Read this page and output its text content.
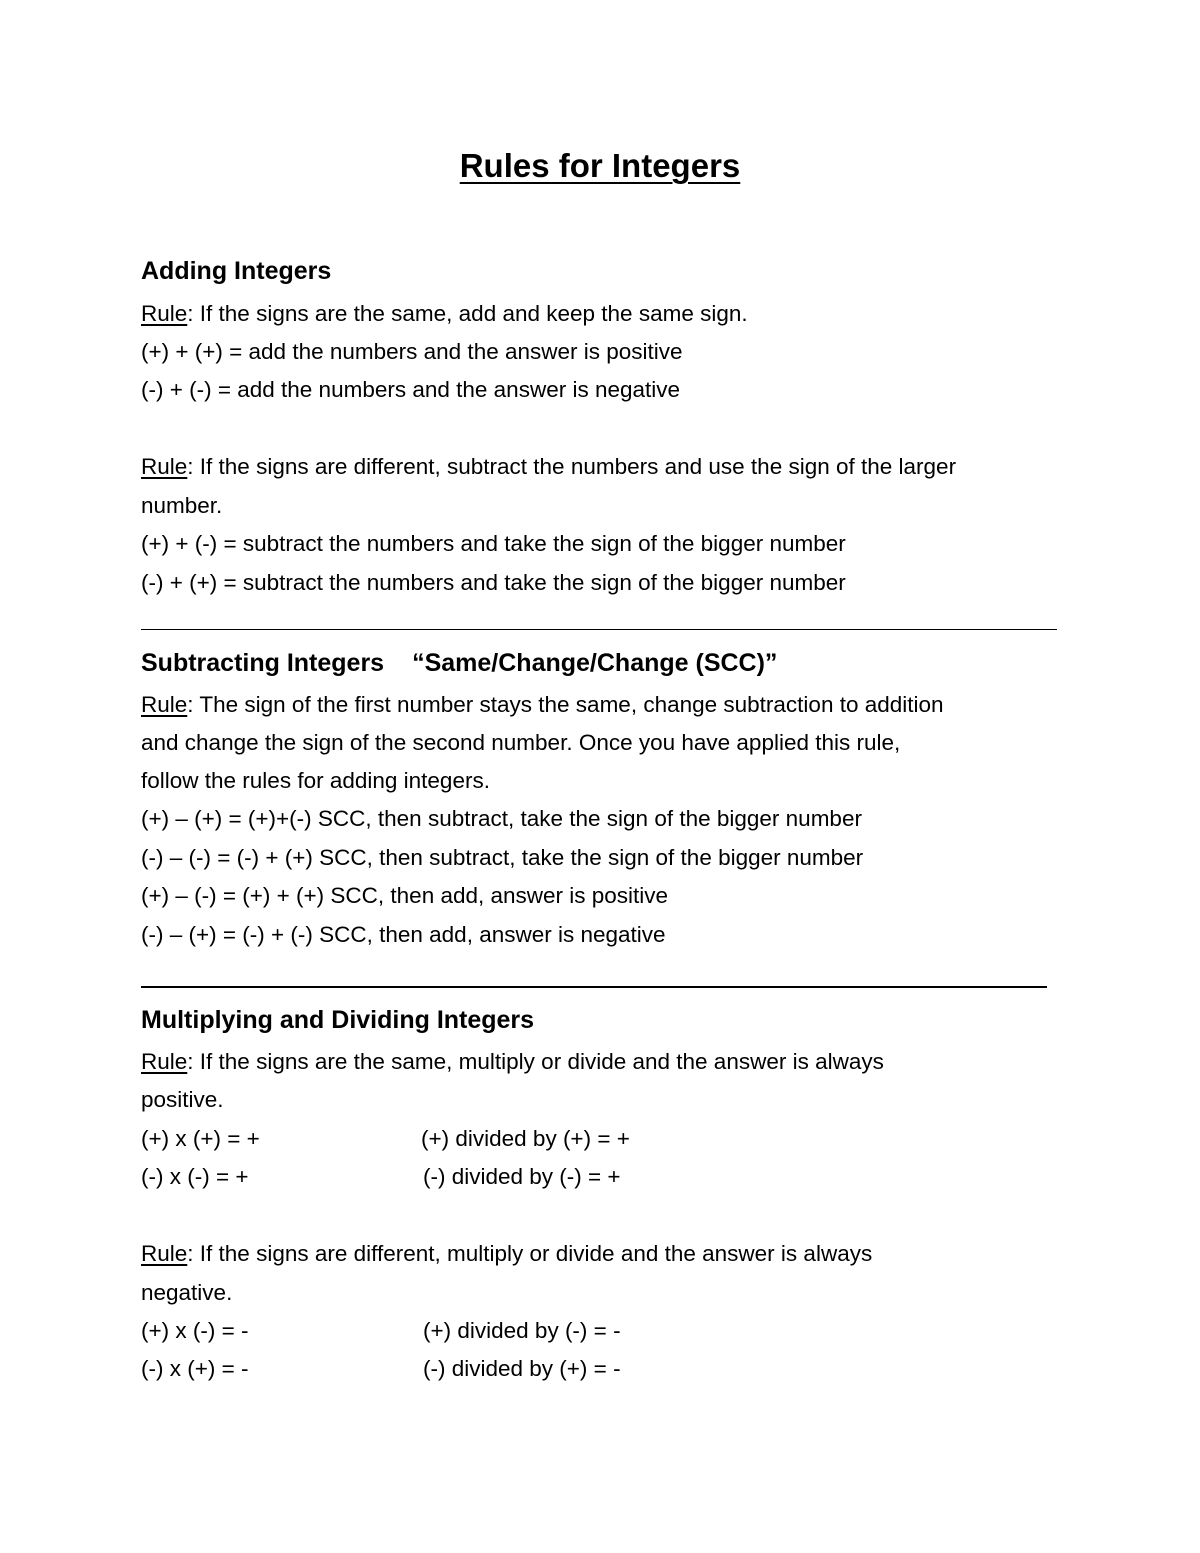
Rules for Integers
Adding Integers
Rule: If the signs are the same, add and keep the same sign.
(+) + (+) = add the numbers and the answer is positive
(-) + (-) = add the numbers and the answer is negative
Rule: If the signs are different, subtract the numbers and use the sign of the larger
number.
(+) + (-) = subtract the numbers and take the sign of the bigger number
(-) + (+) = subtract the numbers and take the sign of the bigger number
Subtracting Integers “Same/Change/Change (SCC)”
Rule: The sign of the first number stays the same, change subtraction to addition
and change the sign of the second number. Once you have applied this rule,
follow the rules for adding integers.
(+) – (+) = (+)+(-) SCC, then subtract, take the sign of the bigger number
(-) – (-) = (-) + (+) SCC, then subtract, take the sign of the bigger number
(+) – (-) = (+) + (+) SCC, then add, answer is positive
(-) – (+) = (-) + (-) SCC, then add, answer is negative
Multiplying and Dividing Integers
Rule: If the signs are the same, multiply or divide and the answer is always
positive.
(+) x (+) = +	(+) divided by (+) = +
(-) x (-) = +	(-) divided by (-) = +
Rule: If the signs are different, multiply or divide and the answer is always
negative.
(+) x (-) = -	(+) divided by (-) = -
(-) x (+) = -	(-) divided by (+) = -
